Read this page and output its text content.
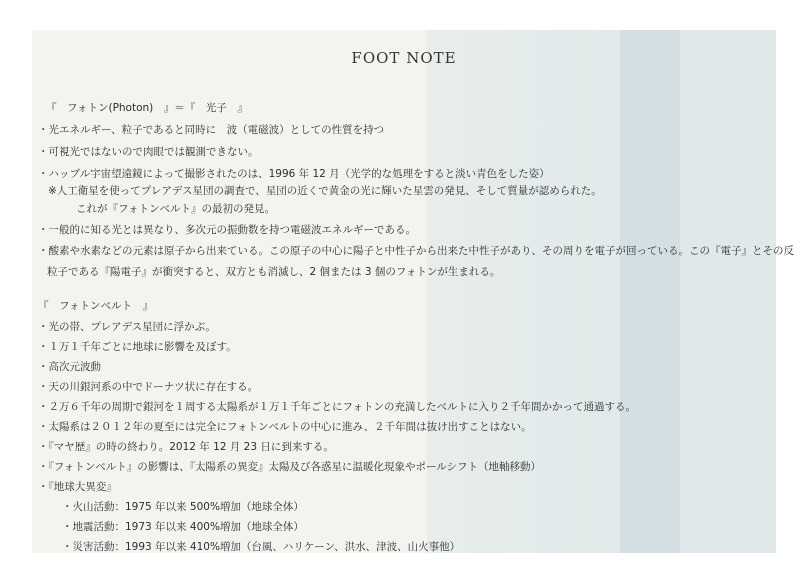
FOOT NOTE

『　フォトン(Photon)　』＝『　光子　』

・光エネルギー、粒子であると同時に　波（電磁波）としての性質を持つ

・可視光ではないので肉眼では観測できない。

・ハッブル宇宙望遠鏡によって撮影されたのは、1996 年 12 月（光学的な処理をすると淡い青色をした姿）

※人工衛星を使ってプレアデス星団の調査で、星団の近くで黄金の光に輝いた星雲の発見、そして質量が認められた。

これが『フォトンベルト』の最初の発見。

・一般的に知る光とは異なり、多次元の振動数を持つ電磁波エネルギーである。

・酸素や水素などの元素は原子から出来ている。この原子の中心に陽子と中性子から出来た中性子があり、その周りを電子が回っている。この『電子』とその反

粒子である『陽電子』が衝突すると、双方とも消滅し、2 個または 3 個のフォトンが生まれる。

『　フォトンベルト　』

・光の帯、プレアデス星団に浮かぶ。

・１万１千年ごとに地球に影響を及ぼす。

・高次元波動

・天の川銀河系の中でドーナツ状に存在する。

・２万６千年の周期で銀河を１周する太陽系が１万１千年ごとにフォトンの充満したベルトに入り２千年間かかって通過する。

・太陽系は２０１２年の夏至には完全にフォトンベルトの中心に進み、２千年間は抜け出すことはない。

・『マヤ歴』の時の終わり。2012 年 12 月 23 日に到来する。

・『フォトンベルト』の影響は、『太陽系の異変』太陽及び各惑星に温暖化現象やポールシフト（地軸移動）

・『地球大異変』

・火山活動：1975 年以来 500%増加（地球全体）

・地震活動：1973 年以来 400%増加（地球全体）

・災害活動：1993 年以来 410%増加（台風、ハリケーン、洪水、津波、山火事他）
